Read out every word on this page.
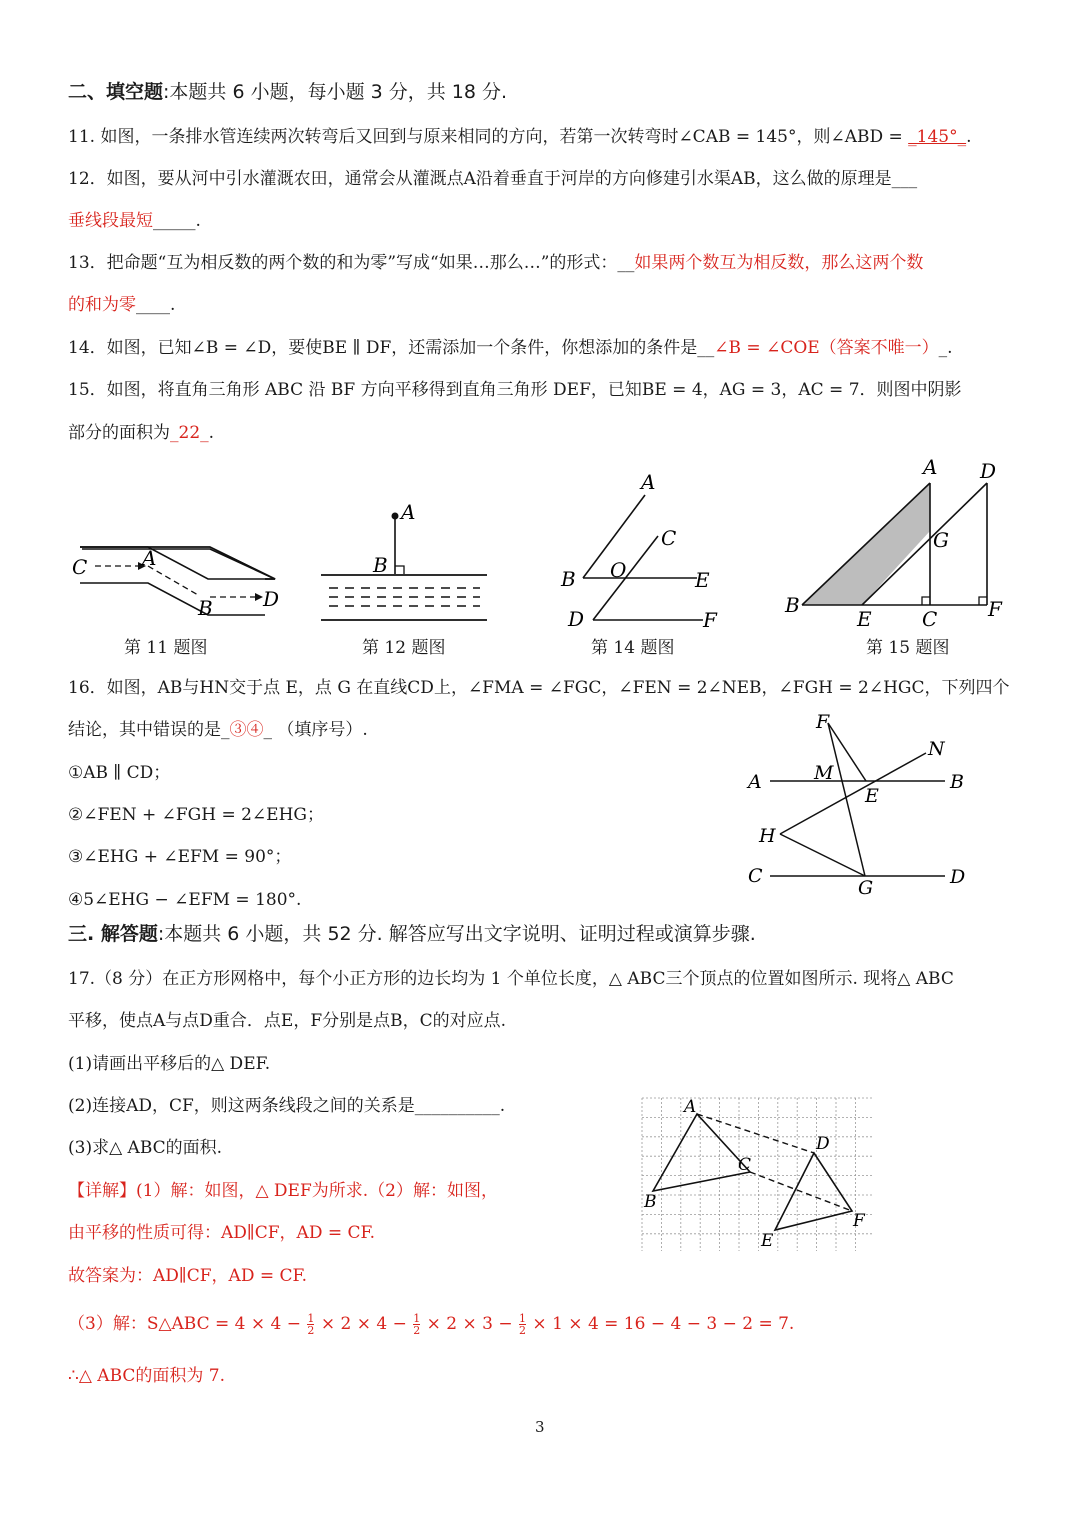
二、填空题:本题共 6 小题，每小题 3 分，共 18 分.
11. 如图，一条排水管连续两次转弯后又回到与原来相同的方向，若第一次转弯时∠CAB = 145°，则∠ABD = _145°_.
12．如图，要从河中引水灌溉农田，通常会从灌溉点A沿着垂直于河岸的方向修建引水渠AB，这么做的原理是___
垂线段最短_____.
13．把命题“互为相反数的两个数的和为零”写成“如果…那么…”的形式：__如果两个数互为相反数，那么这两个数
的和为零____.
14．如图，已知∠B = ∠D，要使BE ∥ DF，还需添加一个条件，你想添加的条件是__∠B = ∠COE（答案不唯一）_.
15．如图，将直角三角形 ABC 沿 BF 方向平移得到直角三角形 DEF，已知BE = 4，AG = 3，AC = 7．则图中阴影
部分的面积为_22_.
C	A
B	D
第 11 题图
A
B
第 12 题图
A
C
B O	E
D	F
第 14 题图
A D
G
B
E	C	F
第 15 题图
16．如图，AB与HN交于点 E，点 G 在直线CD上，∠FMA = ∠FGC，∠FEN = 2∠NEB，∠FGH = 2∠HGC，下列四个
结论，其中错误的是_③④_ （填序号）.
①AB ∥ CD；
②∠FEN + ∠FGH = 2∠EHG；
③∠EHG + ∠EFM = 90°；
④5∠EHG − ∠EFM = 180°.
F
N
A	M
E
B
H
C
G	D
三. 解答题:本题共 6 小题，共 52 分. 解答应写出文字说明、证明过程或演算步骤.
17.（8 分）在正方形网格中，每个小正方形的边长均为 1 个单位长度，△ ABC三个顶点的位置如图所示. 现将△ ABC
平移，使点A与点D重合．点E，F分别是点B，C的对应点.
(1)请画出平移后的△ DEF.
(2)连接AD，CF，则这两条线段之间的关系是__________.
(3)求△ ABC的面积.
【详解】(1）解：如图，△ DEF为所求.（2）解：如图，
由平移的性质可得：AD∥CF，AD = CF.
故答案为：AD∥CF，AD = CF.
（3）解：S△ABC = $4 \times 4 - \frac{1}{2} \times 2 \times 4 - \frac{1}{2} \times 2 \times 3 - \frac{1}{2} \times 1 \times 4 = 16 - 4 - 3 - 2 = 7$.
∴△ ABC的面积为 7.
A
B
C
D
E
F
3
